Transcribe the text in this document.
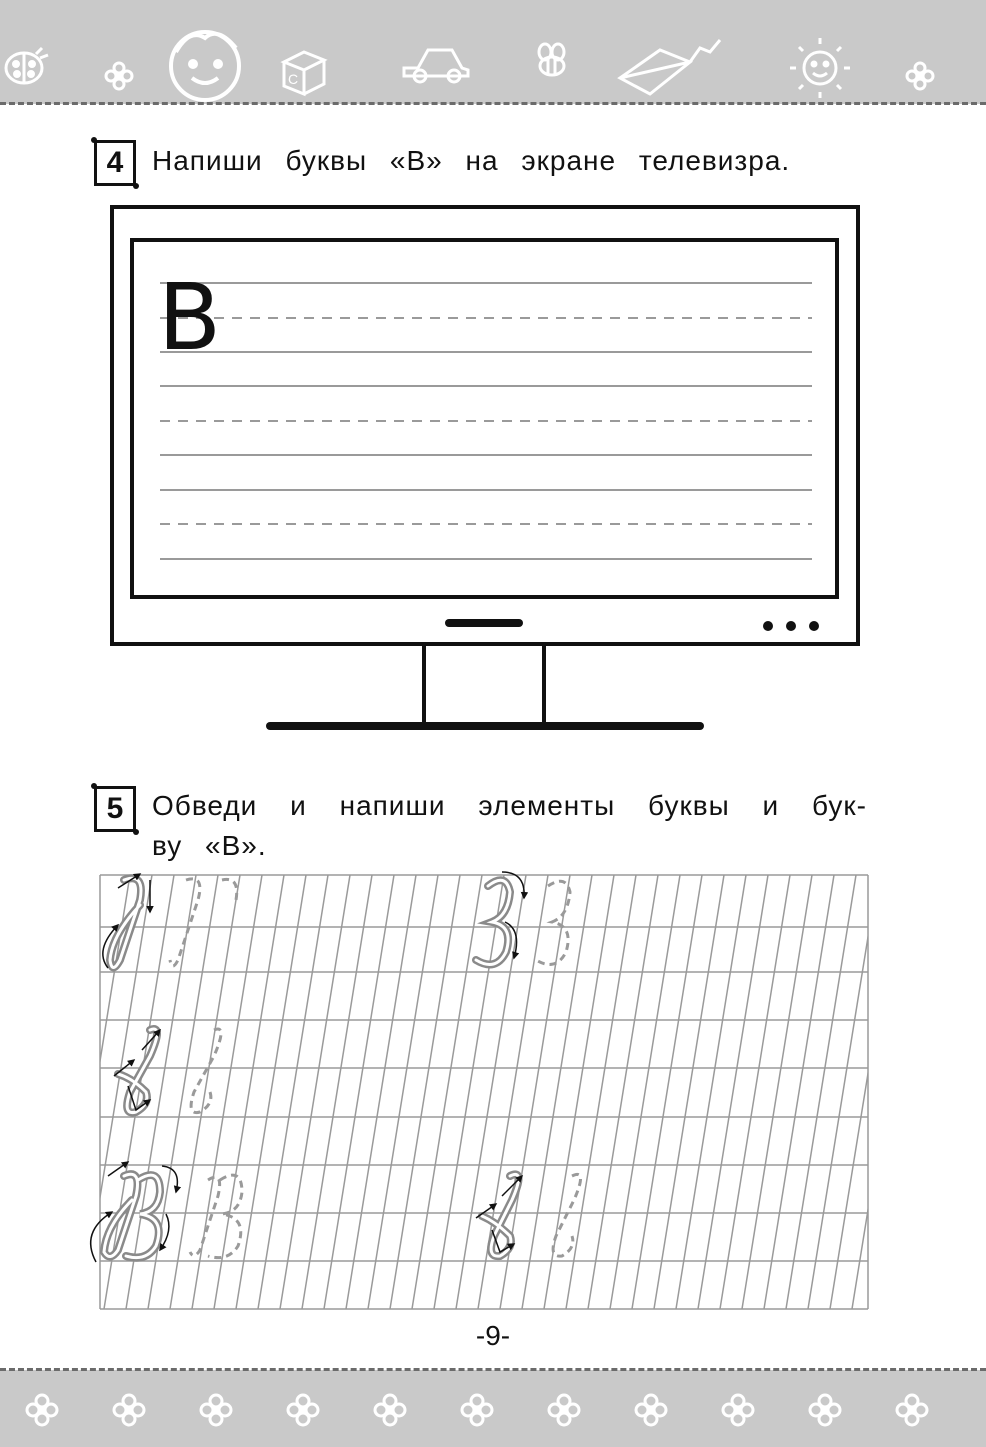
C
4	Напиши буквы «В» на экране телевизра.
B
5	Обведи и напиши элементы буквы и бук-
ву «В».
-9-
